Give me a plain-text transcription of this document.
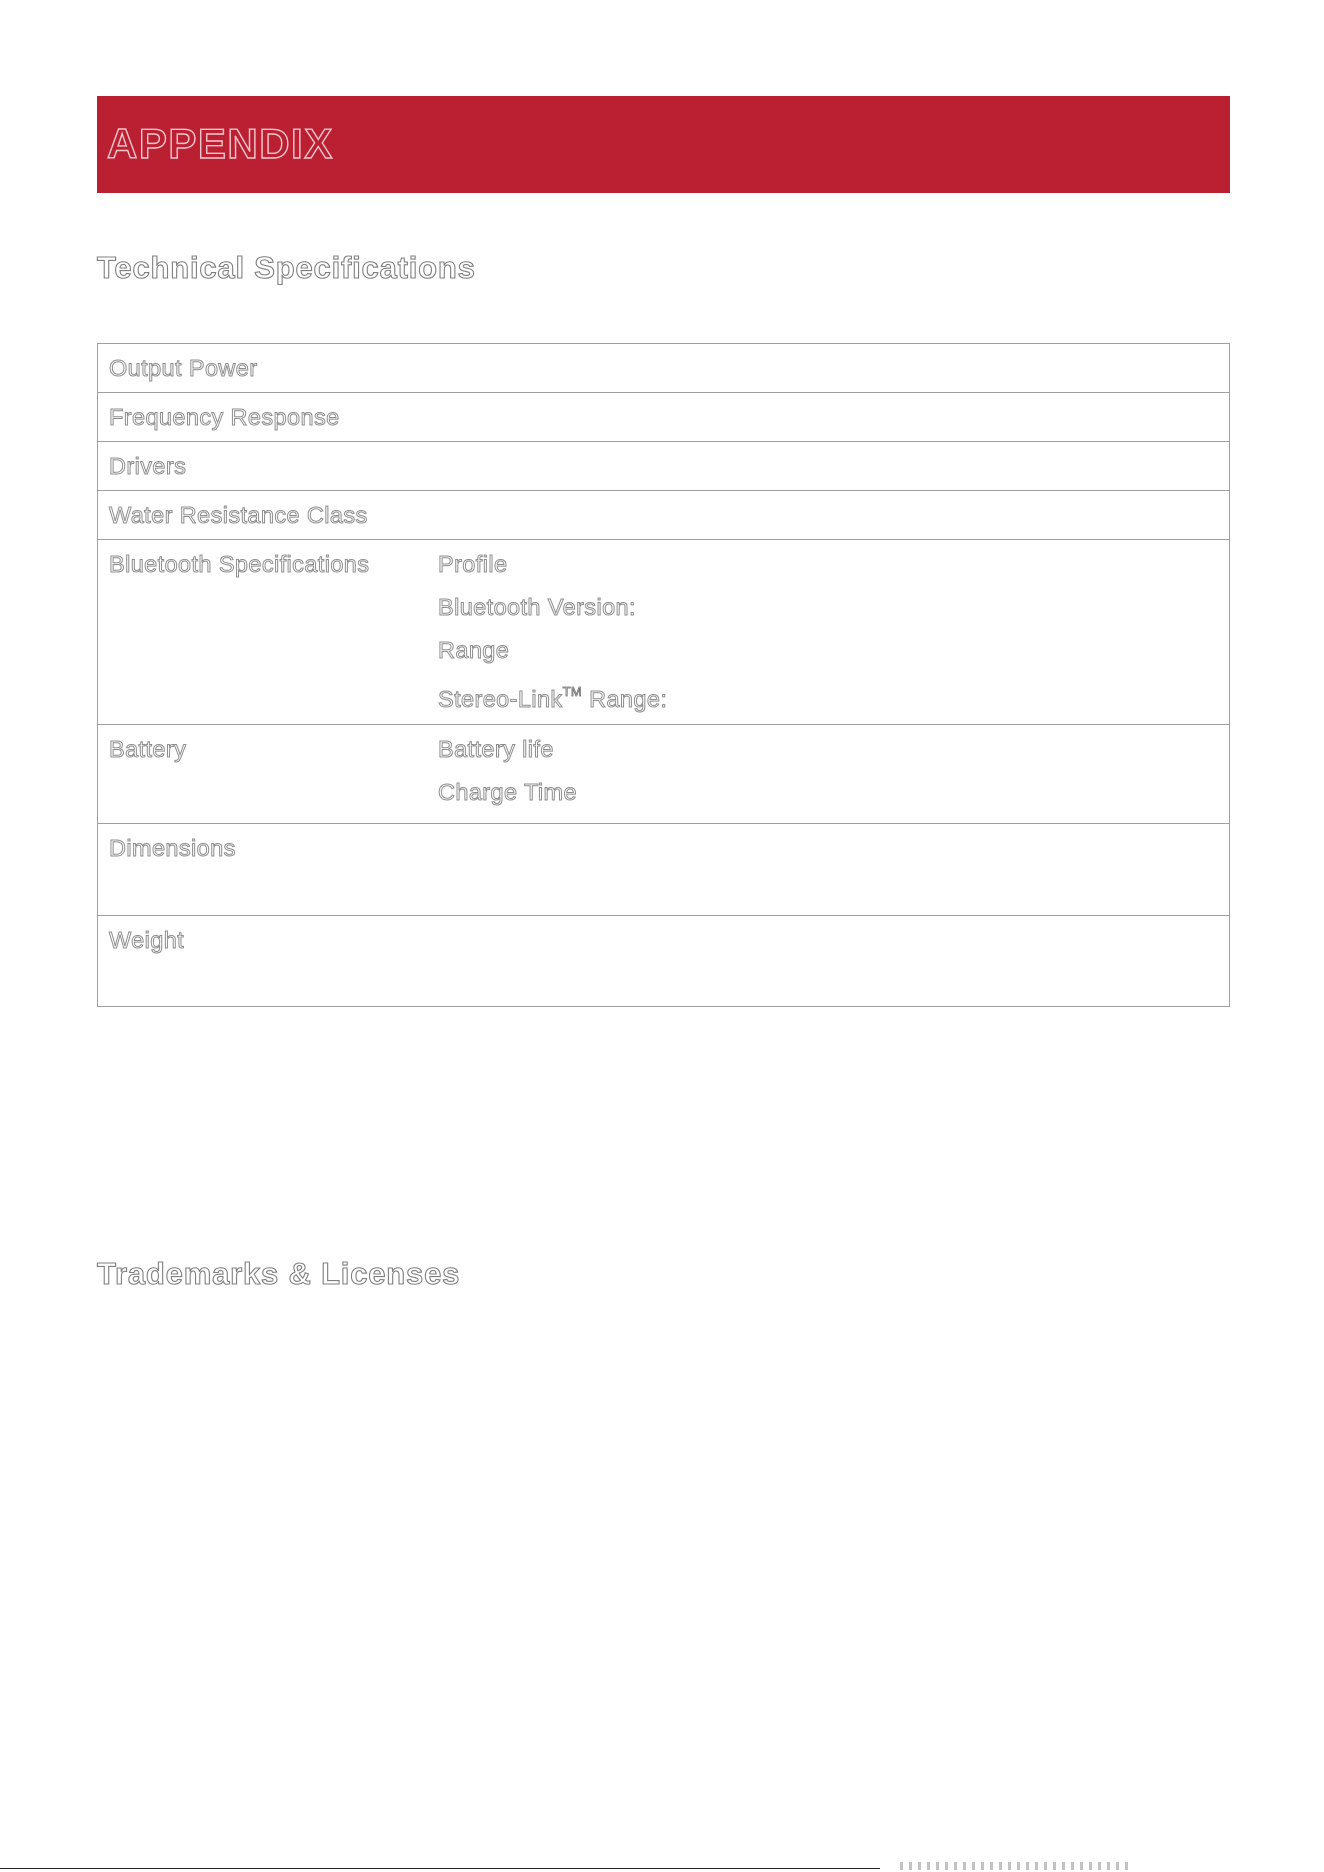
APPENDIX
Technical Specifications
Output Power	

Frequency Response	

Drivers	

Water Resistance Class	

Bluetooth Specifications	Profile
Bluetooth Version:
Range
Stereo-Link™ Range:

Battery	Battery life
Charge Time

Dimensions	

Weight	

Trademarks & Licenses
